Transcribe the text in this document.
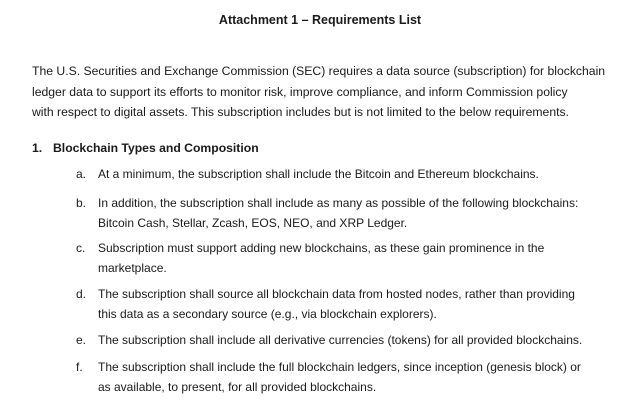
Attachment 1 – Requirements List
The U.S. Securities and Exchange Commission (SEC) requires a data source (subscription) for blockchain
ledger data to support its efforts to monitor risk, improve compliance, and inform Commission policy
with respect to digital assets. This subscription includes but is not limited to the below requirements.
1. Blockchain Types and Composition
a. At a minimum, the subscription shall include the Bitcoin and Ethereum blockchains.
b. In addition, the subscription shall include as many as possible of the following blockchains:
Bitcoin Cash, Stellar, Zcash, EOS, NEO, and XRP Ledger.
c.	Subscription must support adding new blockchains, as these gain prominence in the
marketplace.
d. The subscription shall source all blockchain data from hosted nodes, rather than providing
this data as a secondary source (e.g., via blockchain explorers).
e. The subscription shall include all derivative currencies (tokens) for all provided blockchains.
f.	The subscription shall include the full blockchain ledgers, since inception (genesis block) or
as available, to present, for all provided blockchains.
